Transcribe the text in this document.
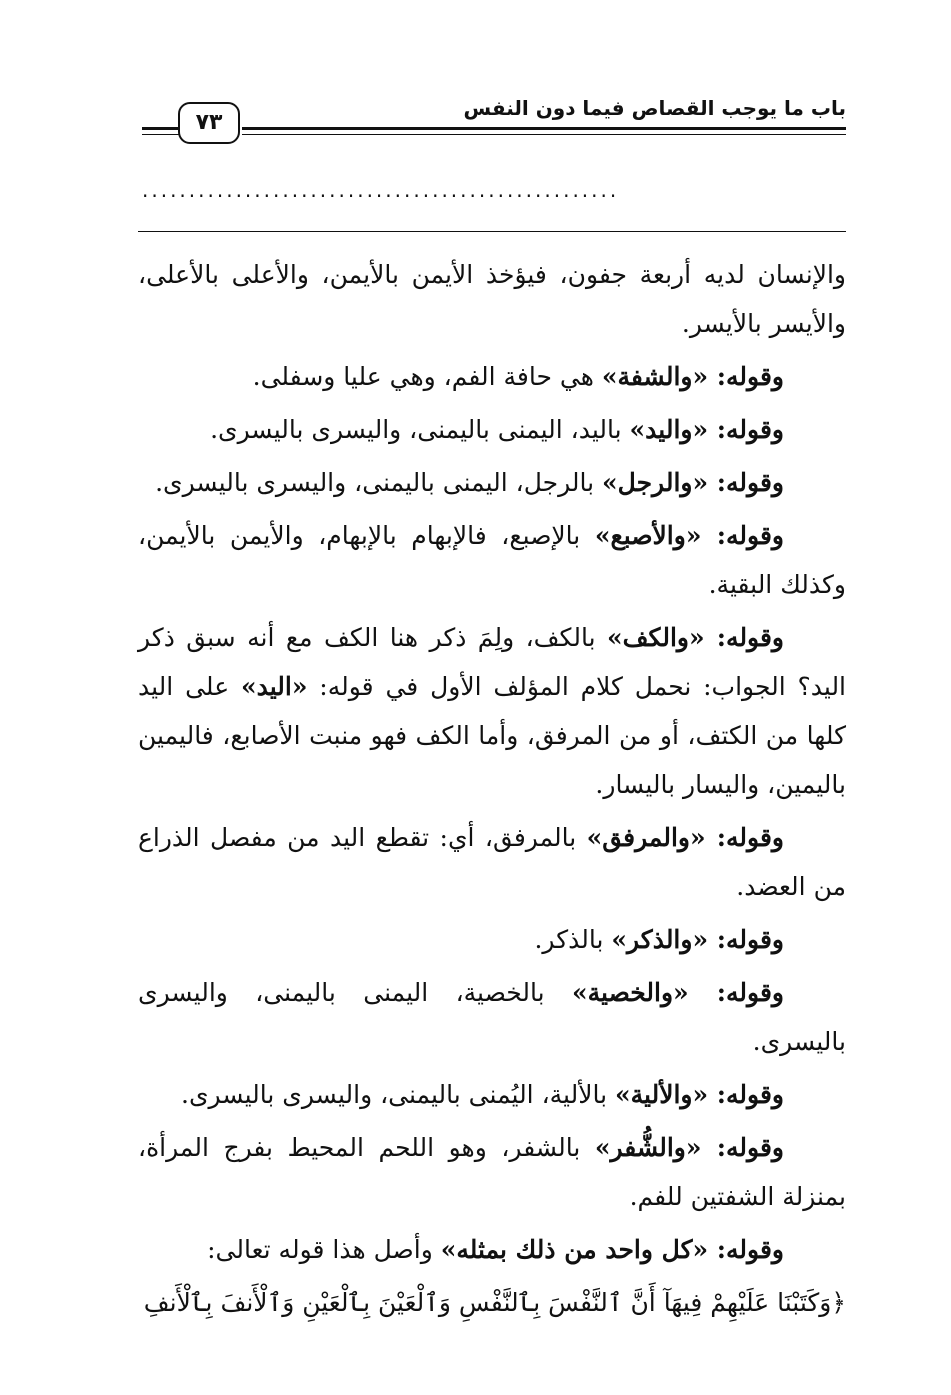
باب ما يوجب القصاص فيما دون النفس
٧٣
...................................................

والإنسان لديه أربعة جفون، فيؤخذ الأيمن بالأيمن، والأعلى بالأعلى، والأيسر بالأيسر.

وقوله: «والشفة» هي حافة الفم، وهي عليا وسفلى.

وقوله: «واليد» باليد، اليمنى باليمنى، واليسرى باليسرى.

وقوله: «والرجل» بالرجل، اليمنى باليمنى، واليسرى باليسرى.

وقوله: «والأصبع» بالإصبع، فالإبهام بالإبهام، والأيمن بالأيمن، وكذلك البقية.

وقوله: «والكف» بالكف، ولِمَ ذكر هنا الكف مع أنه سبق ذكر اليد؟ الجواب: نحمل كلام المؤلف الأول في قوله: «اليد» على اليد كلها من الكتف، أو من المرفق، وأما الكف فهو منبت الأصابع، فاليمين باليمين، واليسار باليسار.

وقوله: «والمرفق» بالمرفق، أي: تقطع اليد من مفصل الذراع من العضد.

وقوله: «والذكر» بالذكر.

وقوله: «والخصية» بالخصية، اليمنى باليمنى، واليسرى باليسرى.

وقوله: «والألية» بالألية، اليُمنى باليمنى، واليسرى باليسرى.

وقوله: «والشُّفر» بالشفر، وهو اللحم المحيط بفرج المرأة، بمنزلة الشفتين للفم.

وقوله: «كل واحد من ذلك بمثله» وأصل هذا قوله تعالى:

﴿وَكَتَبْنَا عَلَيْهِمْ فِيهَآ أَنَّ ٱلنَّفْسَ بِٱلنَّفْسِ وَٱلْعَيْنَ بِٱلْعَيْنِ وَٱلْأَنفَ بِٱلْأَنفِ
